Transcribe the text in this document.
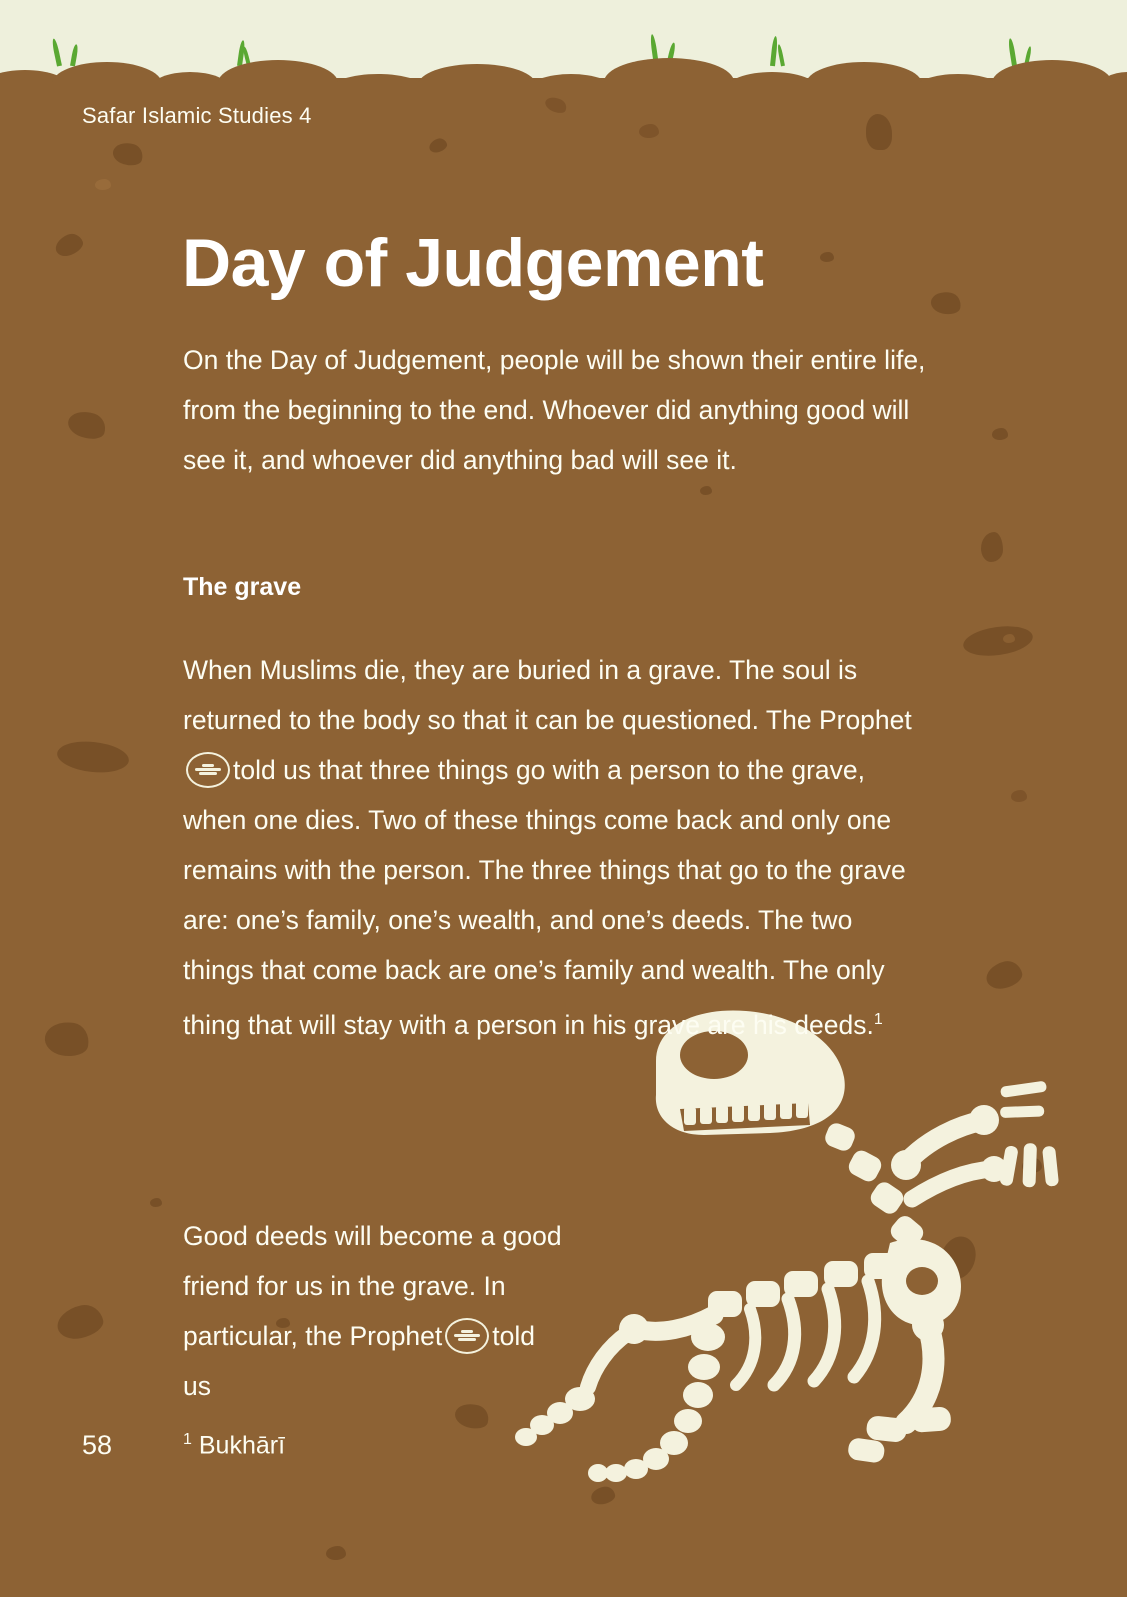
Safar Islamic Studies 4
Day of Judgement

On the Day of Judgement, people will be shown their entire life, from the beginning to the end. Whoever did anything good will see it, and whoever did anything bad will see it.

The grave

When Muslims die, they are buried in a grave. The soul is returned to the body so that it can be questioned. The Prophet
told us that three things go with a person to the grave, when one dies. Two of these things come back and only one remains with the person. The three things that go to the grave are: one’s family, one’s wealth, and one’s deeds. The two things that come back are one’s family and wealth. The only thing that will stay with a person in his grave are his deeds.$^1$

Good deeds will become a good friend for us in the grave. In particular, the Prophet told us

58	$^1$ Bukhārī
